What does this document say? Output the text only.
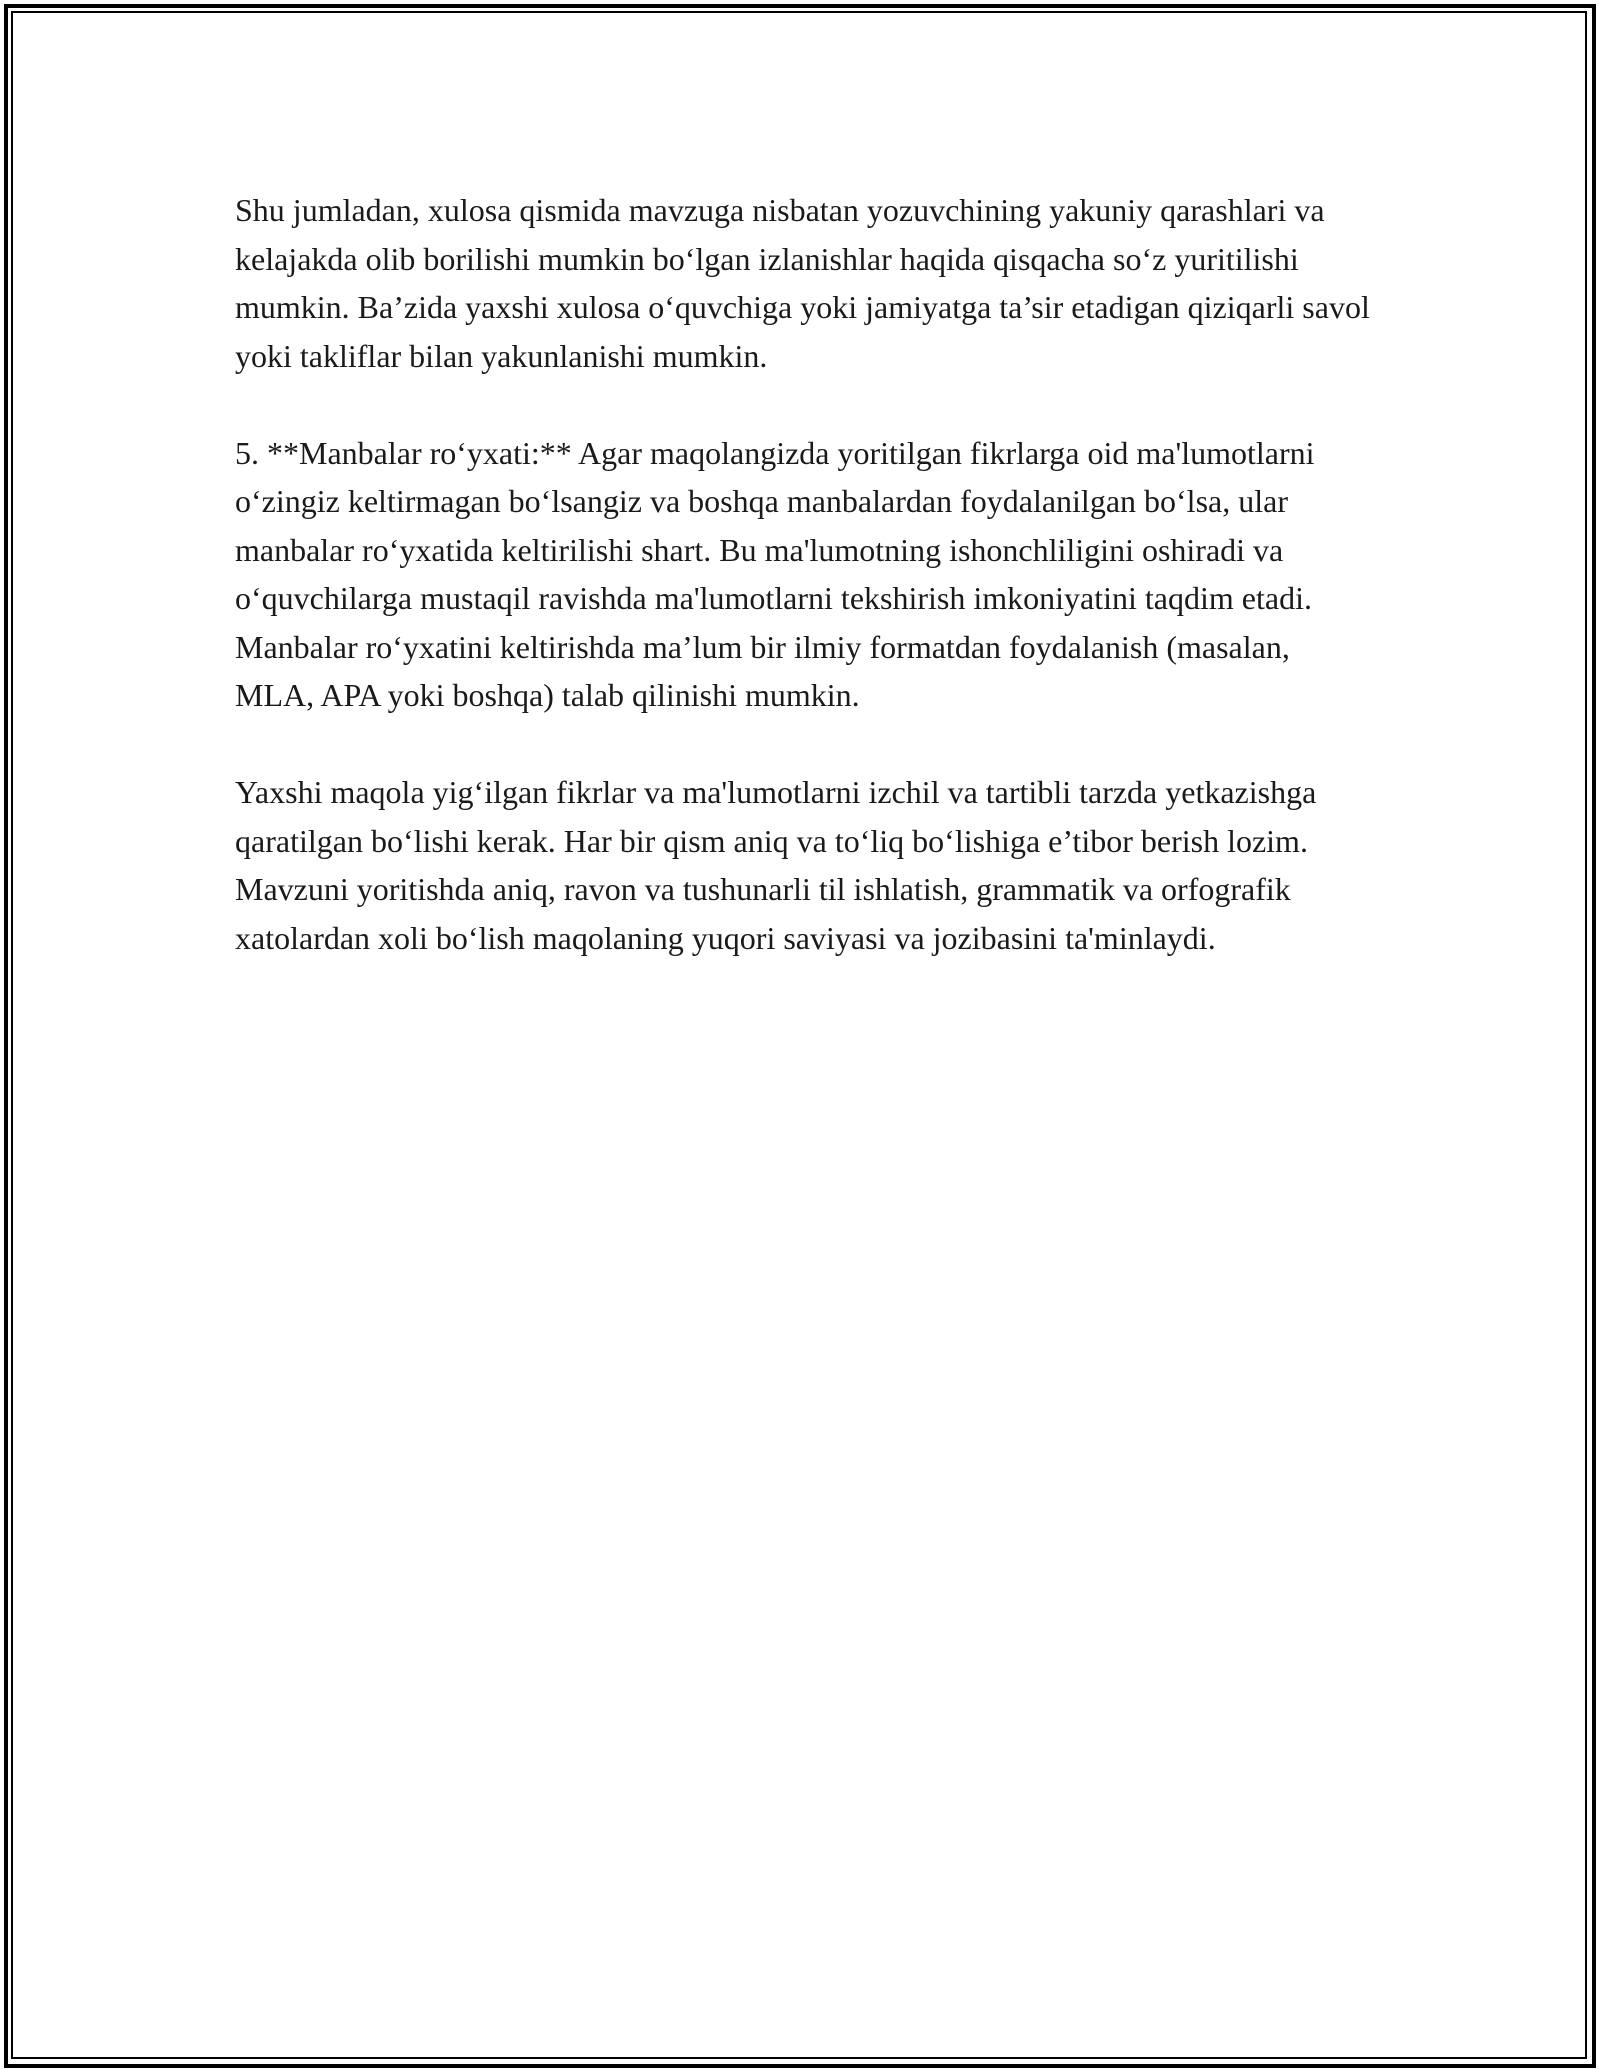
Shu jumladan, xulosa qismida mavzuga nisbatan yozuvchining yakuniy qarashlari va kelajakda olib borilishi mumkin bo‘lgan izlanishlar haqida qisqacha so‘z yuritilishi mumkin. Ba’zida yaxshi xulosa o‘quvchiga yoki jamiyatga ta’sir etadigan qiziqarli savol yoki takliflar bilan yakunlanishi mumkin.

5. **Manbalar ro‘yxati:** Agar maqolangizda yoritilgan fikrlarga oid ma'lumotlarni o‘zingiz keltirmagan bo‘lsangiz va boshqa manbalardan foydalanilgan bo‘lsa, ular manbalar ro‘yxatida keltirilishi shart. Bu ma'lumotning ishonchliligini oshiradi va o‘quvchilarga mustaqil ravishda ma'lumotlarni tekshirish imkoniyatini taqdim etadi. Manbalar ro‘yxatini keltirishda ma’lum bir ilmiy formatdan foydalanish (masalan, MLA, APA yoki boshqa) talab qilinishi mumkin.

Yaxshi maqola yig‘ilgan fikrlar va ma'lumotlarni izchil va tartibli tarzda yetkazishga qaratilgan bo‘lishi kerak. Har bir qism aniq va to‘liq bo‘lishiga e’tibor berish lozim. Mavzuni yoritishda aniq, ravon va tushunarli til ishlatish, grammatik va orfografik xatolardan xoli bo‘lish maqolaning yuqori saviyasi va jozibasini ta'minlaydi.
